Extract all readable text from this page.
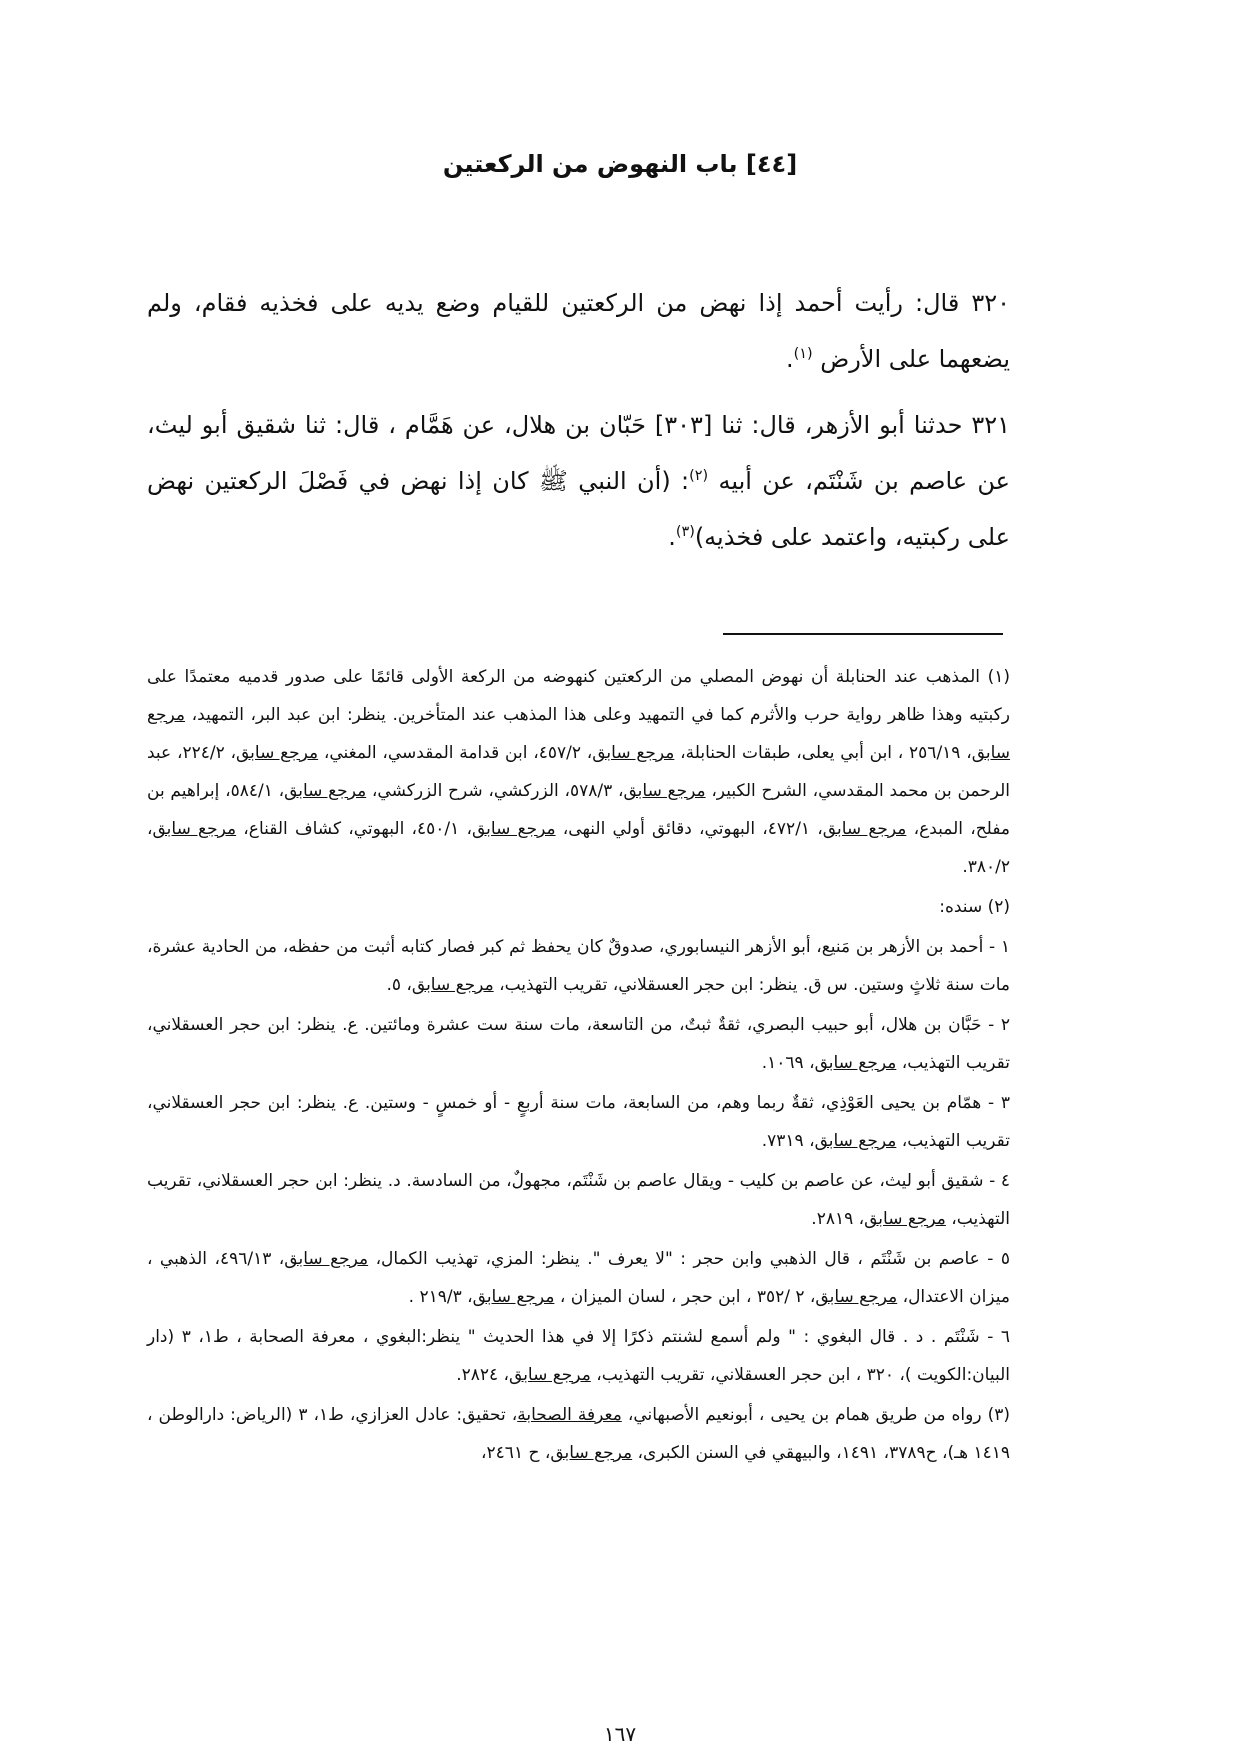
[٤٤] باب النهوض من الركعتين

٣٢٠ قال: رأيت أحمد إذا نهض من الركعتين للقيام وضع يديه على فخذيه فقام، ولم يضعهما على الأرض $^{(١)}$.

٣٢١ حدثنا أبو الأزهر، قال: ثنا [٣٠٣] حَبّان بن هلال، عن هَمَّام ، قال: ثنا شقيق أبو ليث، عن عاصم بن شَنْتَم، عن أبيه $^{(٢)}$: (أن النبي ﷺ كان إذا نهض في فَصْلَ الركعتين نهض على ركبتيه، واعتمد على فخذيه)$^{(٣)}$.

(١) المذهب عند الحنابلة أن نهوض المصلي من الركعتين كنهوضه من الركعة الأولى قائمًا على صدور قدميه معتمدًا على ركبتيه وهذا ظاهر رواية حرب والأثرم كما في التمهيد وعلى هذا المذهب عند المتأخرين. ينظر: ابن عبد البر، التمهيد، مرجع سابق، ٢٥٦/١٩ ، ابن أبي يعلى، طبقات الحنابلة، مرجع سابق، ٤٥٧/٢، ابن قدامة المقدسي، المغني، مرجع سابق، ٢٢٤/٢، عبد الرحمن بن محمد المقدسي، الشرح الكبير، مرجع سابق، ٥٧٨/٣، الزركشي، شرح الزركشي، مرجع سابق، ٥٨٤/١، إبراهيم بن مفلح، المبدع، مرجع سابق، ٤٧٢/١، البهوتي، دقائق أولي النهى، مرجع سابق، ٤٥٠/١، البهوتي، كشاف القناع، مرجع سابق، ٣٨٠/٢.

(٢) سنده:

١ - أحمد بن الأزهر بن مَنيع، أبو الأزهر النيسابوري، صدوقٌ كان يحفظ ثم كبر فصار كتابه أثبت من حفظه، من الحادية عشرة، مات سنة ثلاثٍ وستين. س ق. ينظر: ابن حجر العسقلاني، تقريب التهذيب، مرجع سابق، ٥.

٢ - حَبَّان بن هلال، أبو حبيب البصري، ثقةٌ ثبتٌ، من التاسعة، مات سنة ست عشرة ومائتين. ع. ينظر: ابن حجر العسقلاني، تقريب التهذيب، مرجع سابق، ١٠٦٩.

٣ - همّام بن يحيى العَوْذِي، ثقةٌ ربما وهم، من السابعة، مات سنة أربعٍ - أو خمسٍ - وستين. ع. ينظر: ابن حجر العسقلاني، تقريب التهذيب، مرجع سابق، ٧٣١٩.

٤ - شقيق أبو ليث، عن عاصم بن كليب - ويقال عاصم بن شَنْتَم، مجهولٌ، من السادسة. د. ينظر: ابن حجر العسقلاني، تقريب التهذيب، مرجع سابق، ٢٨١٩.

٥ - عاصم بن شَنْتَم ، قال الذهبي وابن حجر : "لا يعرف ". ينظر: المزي، تهذيب الكمال، مرجع سابق، ٤٩٦/١٣، الذهبي ، ميزان الاعتدال، مرجع سابق، ٢ /٣٥٢ ، ابن حجر ، لسان الميزان ، مرجع سابق، ٢١٩/٣ .

٦ - شَنْتَم . د . قال البغوي : " ولم أسمع لشنتم ذكرًا إلا في هذا الحديث " ينظر:البغوي ، معرفة الصحابة ، ط١، ٣ (دار البيان:الكويت )، ٣٢٠ ، ابن حجر العسقلاني، تقريب التهذيب، مرجع سابق، ٢٨٢٤.

(٣) رواه من طريق همام بن يحيى ، أبونعيم الأصبهاني، معرفة الصحابة، تحقيق: عادل العزازي، ط١، ٣ (الرياض: دارالوطن ، ١٤١٩ هـ)، ح٣٧٨٩، ١٤٩١، والبيهقي في السنن الكبرى، مرجع سابق، ح ٢٤٦١،

١٦٧
